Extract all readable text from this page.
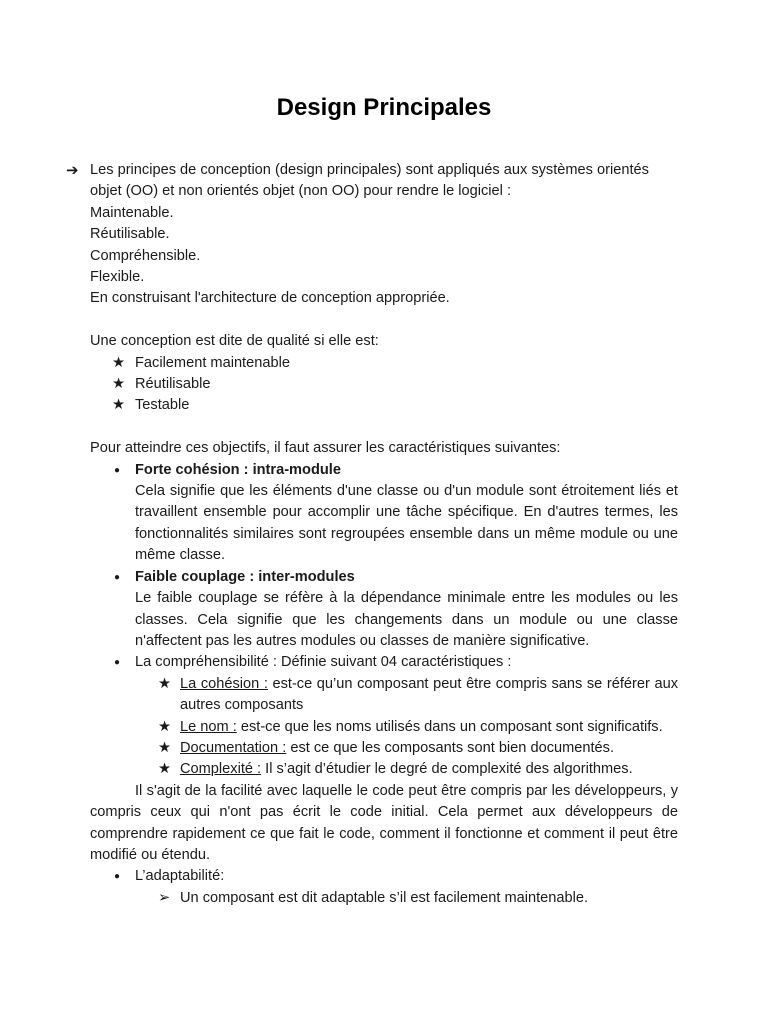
Design Principales
➔ Les principes de conception (design principales) sont appliqués aux systèmes orientés
objet (OO) et non orientés objet (non OO) pour rendre le logiciel :
Maintenable.
Réutilisable.
Compréhensible.
Flexible.
En construisant l'architecture de conception appropriée.
Une conception est dite de qualité si elle est:
★ Facilement maintenable
★ Réutilisable
★ Testable
Pour atteindre ces objectifs, il faut assurer les caractéristiques suivantes:
● Forte cohésion : intra-module
Cela signifie que les éléments d'une classe ou d'un module sont étroitement liés et travaillent ensemble pour accomplir une tâche spécifique. En d'autres termes, les fonctionnalités similaires sont regroupées ensemble dans un même module ou une même classe.
● Faible couplage : inter-modules
Le faible couplage se réfère à la dépendance minimale entre les modules ou les classes. Cela signifie que les changements dans un module ou une classe n'affectent pas les autres modules ou classes de manière significative.
● La compréhensibilité : Définie suivant 04 caractéristiques :
★ La cohésion : est-ce qu’un composant peut être compris sans se référer aux autres composants
★ Le nom : est-ce que les noms utilisés dans un composant sont significatifs.
★ Documentation : est ce que les composants sont bien documentés.
★ Complexité : Il s’agit d’étudier le degré de complexité des algorithmes.
Il s'agit de la facilité avec laquelle le code peut être compris par les développeurs, y compris ceux qui n'ont pas écrit le code initial. Cela permet aux développeurs de comprendre rapidement ce que fait le code, comment il fonctionne et comment il peut être modifié ou étendu.
● L’adaptabilité:
➢ Un composant est dit adaptable s’il est facilement maintenable.
